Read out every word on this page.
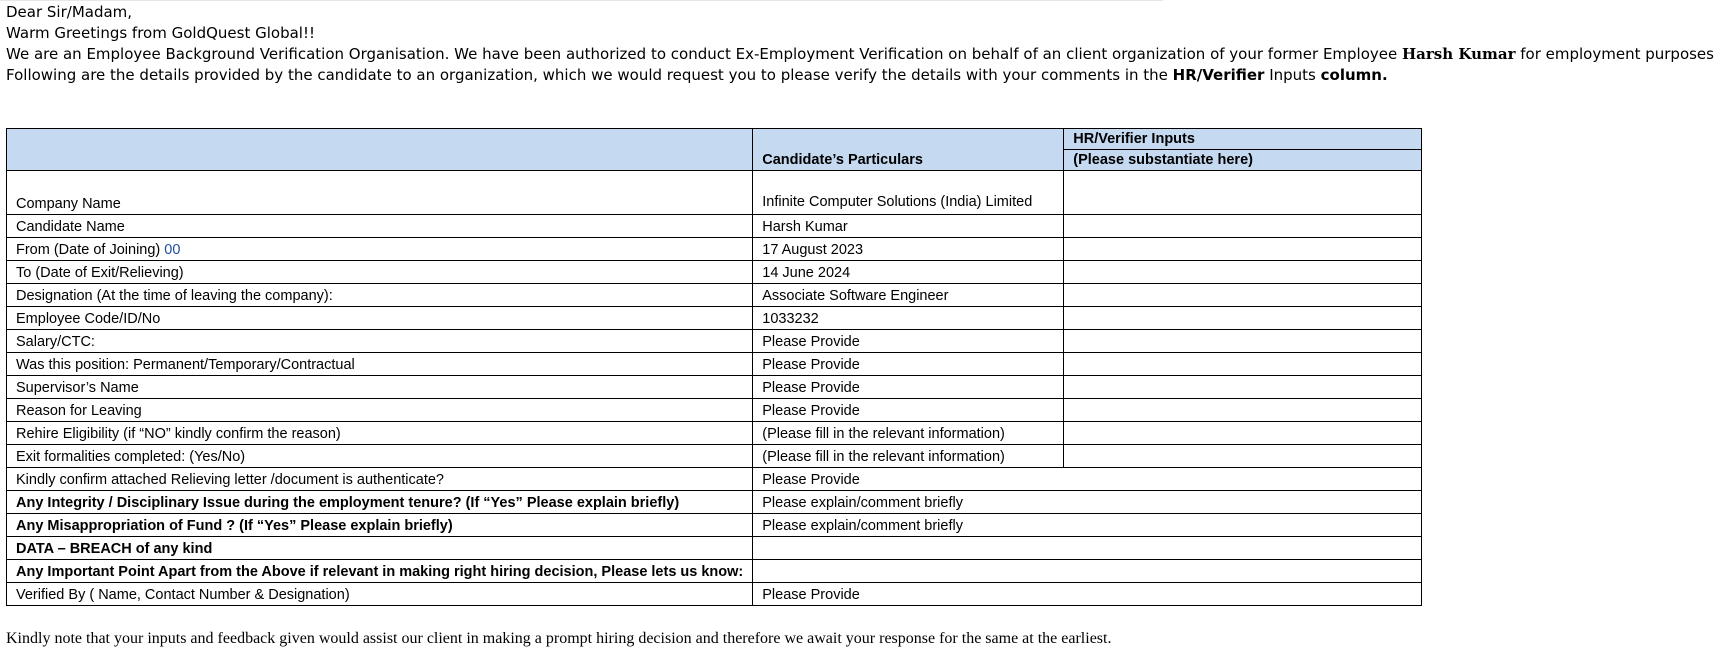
Dear Sir/Madam,

Warm Greetings from GoldQuest Global!!

We are an Employee Background Verification Organisation. We have been authorized to conduct Ex-Employment Verification on behalf of an client organization of your former Employee Harsh Kumar for employment purposes

Following are the details provided by the candidate to an organization, which we would request you to please verify the details with your comments in the HR/Verifier Inputs column.

	Candidate’s Particulars	HR/Verifier Inputs
		(Please substantiate here)
Company Name	Infinite Computer Solutions (India) Limited	
Candidate Name	Harsh Kumar	
From (Date of Joining) 00	17 August 2023	
To (Date of Exit/Relieving)	14 June 2024	
Designation (At the time of leaving the company):	Associate Software Engineer	
Employee Code/ID/No	1033232	
Salary/CTC:	Please Provide	
Was this position: Permanent/Temporary/Contractual	Please Provide	
Supervisor’s Name	Please Provide	
Reason for Leaving	Please Provide	
Rehire Eligibility (if “NO” kindly confirm the reason)	(Please fill in the relevant information)	
Exit formalities completed: (Yes/No)	(Please fill in the relevant information)	
Kindly confirm attached Relieving letter /document is authenticate?	Please Provide	
Any Integrity / Disciplinary Issue during the employment tenure? (If “Yes” Please explain briefly)	Please explain/comment briefly	
Any Misappropriation of Fund ? (If “Yes” Please explain briefly)	Please explain/comment briefly	
DATA – BREACH of any kind		
Any Important Point Apart from the Above if relevant in making right hiring decision, Please lets us know:		
Verified By ( Name, Contact Number & Designation)	Please Provide	
Kindly note that your inputs and feedback given would assist our client in making a prompt hiring decision and therefore we await your response for the same at the earliest.
